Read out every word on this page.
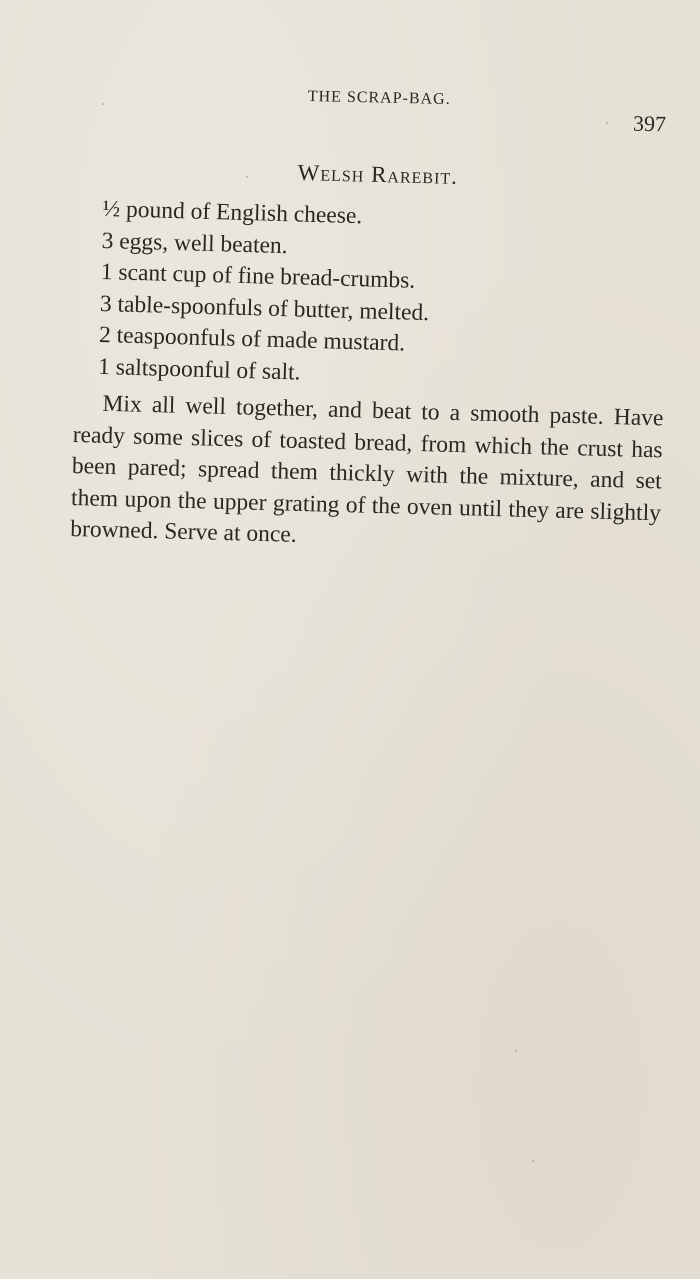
THE SCRAP-BAG.
397
Welsh Rarebit.
½ pound of English cheese.
3 eggs, well beaten.
1 scant cup of fine bread-crumbs.
3 table-spoonfuls of butter, melted.
2 teaspoonfuls of made mustard.
1 saltspoonful of salt.

Mix all well together, and beat to a smooth paste. Have ready some slices of toasted bread, from which the crust has been pared; spread them thickly with the mixture, and set them upon the upper grating of the oven until they are slightly browned. Serve at once.
